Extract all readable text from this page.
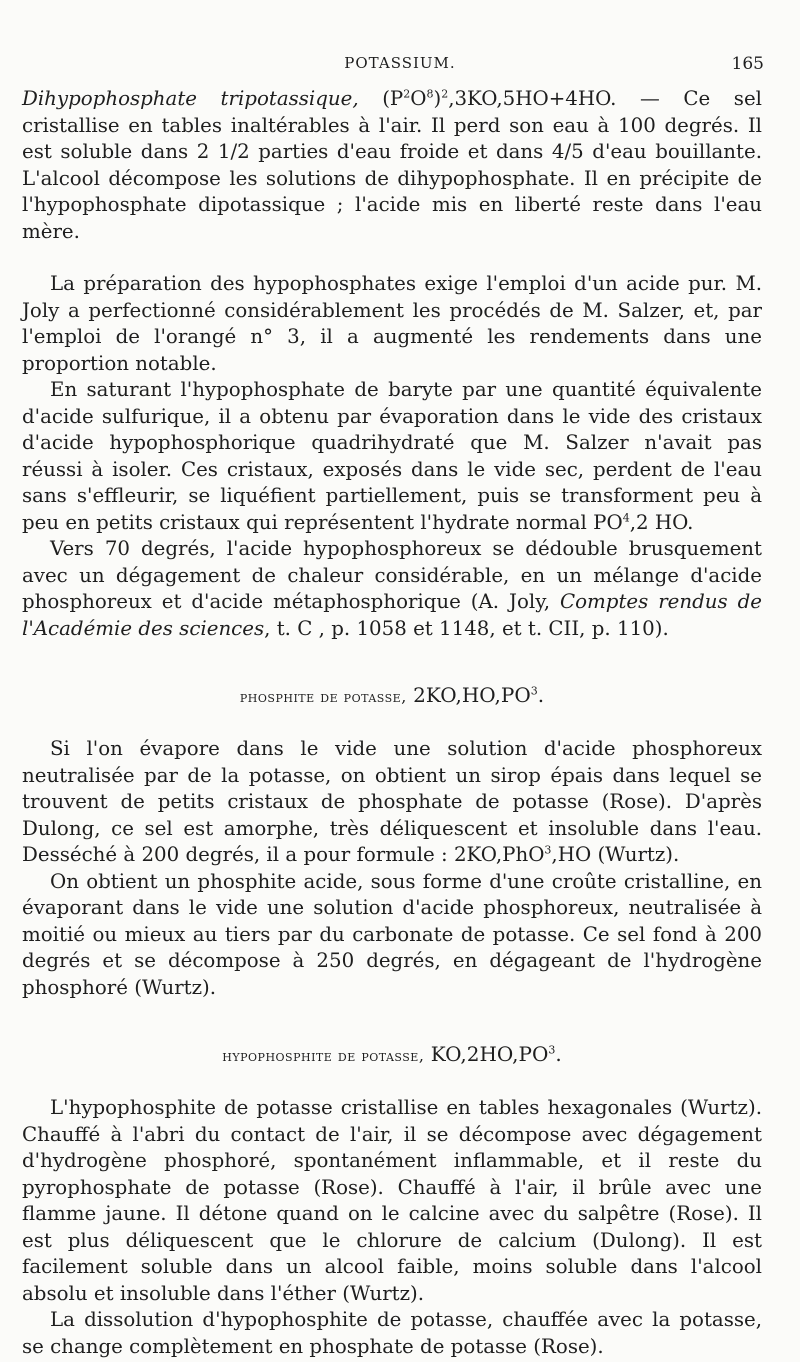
POTASSIUM.	165

Dihypophosphate tripotassique, $(P^2O^8)^2,3KO,5HO+4HO$. — Ce sel cristallise en tables inaltérables à l'air. Il perd son eau à 100 degrés. Il est soluble dans 2 1/2 parties d'eau froide et dans 4/5 d'eau bouillante. L'alcool décompose les solutions de dihypophosphate. Il en précipite de l'hypophosphate dipotassique ; l'acide mis en liberté reste dans l'eau mère.

La préparation des hypophosphates exige l'emploi d'un acide pur. M. Joly a perfectionné considérablement les procédés de M. Salzer, et, par l'emploi de l'orangé n° 3, il a augmenté les rendements dans une proportion notable.

En saturant l'hypophosphate de baryte par une quantité équivalente d'acide sulfurique, il a obtenu par évaporation dans le vide des cristaux d'acide hypophosphorique quadrihydraté que M. Salzer n'avait pas réussi à isoler. Ces cristaux, exposés dans le vide sec, perdent de l'eau sans s'effleurir, se liquéfient partiellement, puis se transforment peu à peu en petits cristaux qui représentent l'hydrate normal $PO^4,2$ HO.

Vers 70 degrés, l'acide hypophosphoreux se dédouble brusquement avec un dégagement de chaleur considérable, en un mélange d'acide phosphoreux et d'acide métaphosphorique (A. Joly, Comptes rendus de l'Académie des sciences, t. C , p. 1058 et 1148, et t. CII, p. 110).

phosphite de potasse, $2KO,HO,PO^3$.

Si l'on évapore dans le vide une solution d'acide phosphoreux neutralisée par de la potasse, on obtient un sirop épais dans lequel se trouvent de petits cristaux de phosphate de potasse (Rose). D'après Dulong, ce sel est amorphe, très déliquescent et insoluble dans l'eau. Desséché à 200 degrés, il a pour formule : 2KO,PhO$^3$,HO (Wurtz).

On obtient un phosphite acide, sous forme d'une croûte cristalline, en évaporant dans le vide une solution d'acide phosphoreux, neutralisée à moitié ou mieux au tiers par du carbonate de potasse. Ce sel fond à 200 degrés et se décompose à 250 degrés, en dégageant de l'hydrogène phosphoré (Wurtz).

hypophosphite de potasse, $KO,2HO,PO^3$.

L'hypophosphite de potasse cristallise en tables hexagonales (Wurtz). Chauffé à l'abri du contact de l'air, il se décompose avec dégagement d'hydrogène phosphoré, spontanément inflammable, et il reste du pyrophosphate de potasse (Rose). Chauffé à l'air, il brûle avec une flamme jaune. Il détone quand on le calcine avec du salpêtre (Rose). Il est plus déliquescent que le chlorure de calcium (Dulong). Il est facilement soluble dans un alcool faible, moins soluble dans l'alcool absolu et insoluble dans l'éther (Wurtz).

La dissolution d'hypophosphite de potasse, chauffée avec la potasse, se change complètement en phosphate de potasse (Rose).
